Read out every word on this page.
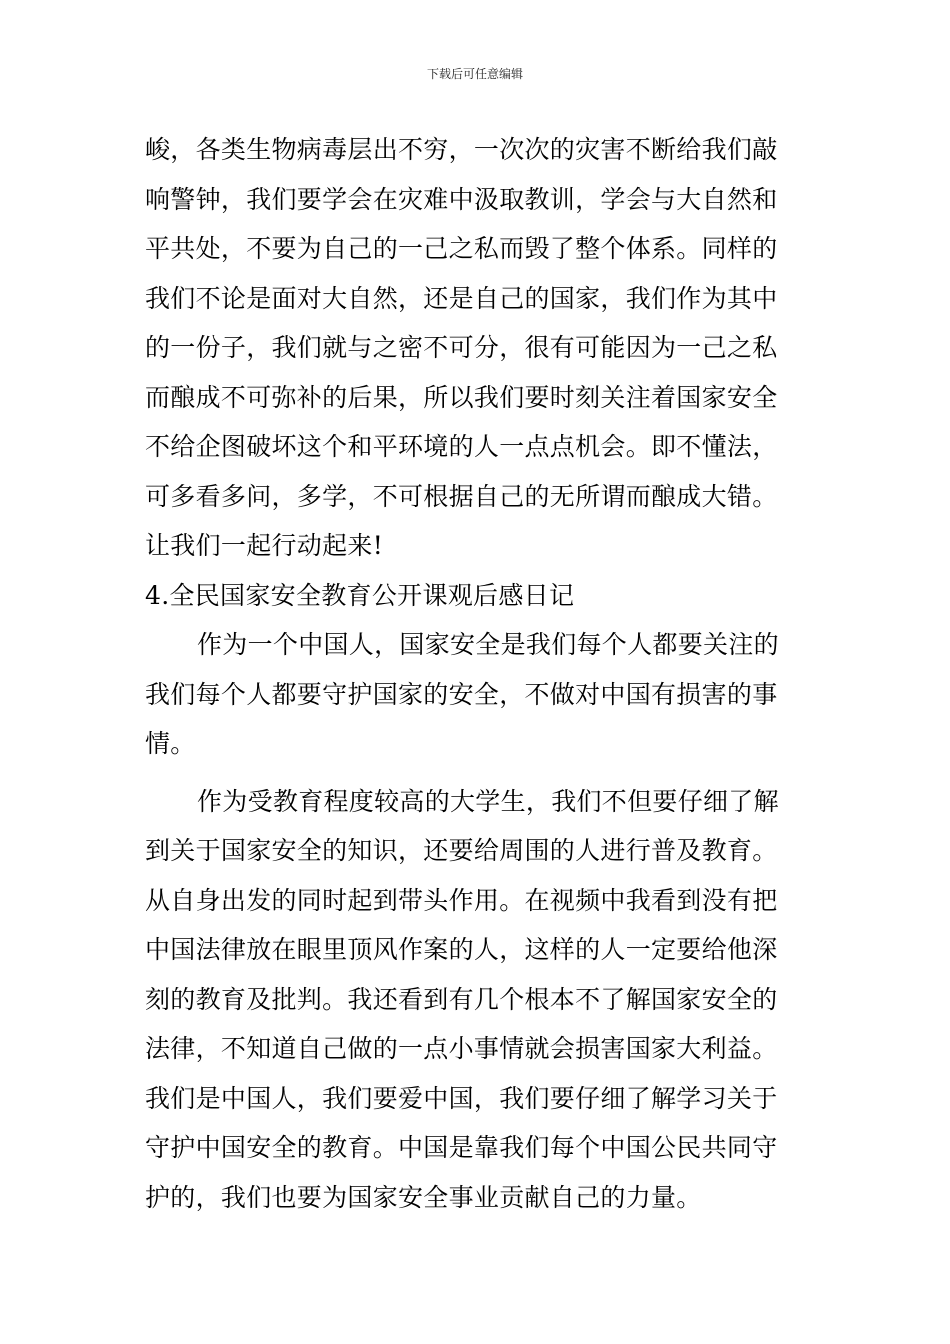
下载后可任意编辑
峻，各类生物病毒层出不穷，一次次的灾害不断给我们敲
响警钟，我们要学会在灾难中汲取教训，学会与大自然和
平共处，不要为自己的一己之私而毁了整个体系。同样的
我们不论是面对大自然，还是自己的国家，我们作为其中
的一份子，我们就与之密不可分，很有可能因为一己之私
而酿成不可弥补的后果，所以我们要时刻关注着国家安全
不给企图破坏这个和平环境的人一点点机会。即不懂法，
可多看多问，多学，不可根据自己的无所谓而酿成大错。
让我们一起行动起来!
4.全民国家安全教育公开课观后感日记
作为一个中国人，国家安全是我们每个人都要关注的
我们每个人都要守护国家的安全，不做对中国有损害的事
情。
作为受教育程度较高的大学生，我们不但要仔细了解
到关于国家安全的知识，还要给周围的人进行普及教育。
从自身出发的同时起到带头作用。在视频中我看到没有把
中国法律放在眼里顶风作案的人，这样的人一定要给他深
刻的教育及批判。我还看到有几个根本不了解国家安全的
法律，不知道自己做的一点小事情就会损害国家大利益。
我们是中国人，我们要爱中国，我们要仔细了解学习关于
守护中国安全的教育。中国是靠我们每个中国公民共同守
护的，我们也要为国家安全事业贡献自己的力量。
